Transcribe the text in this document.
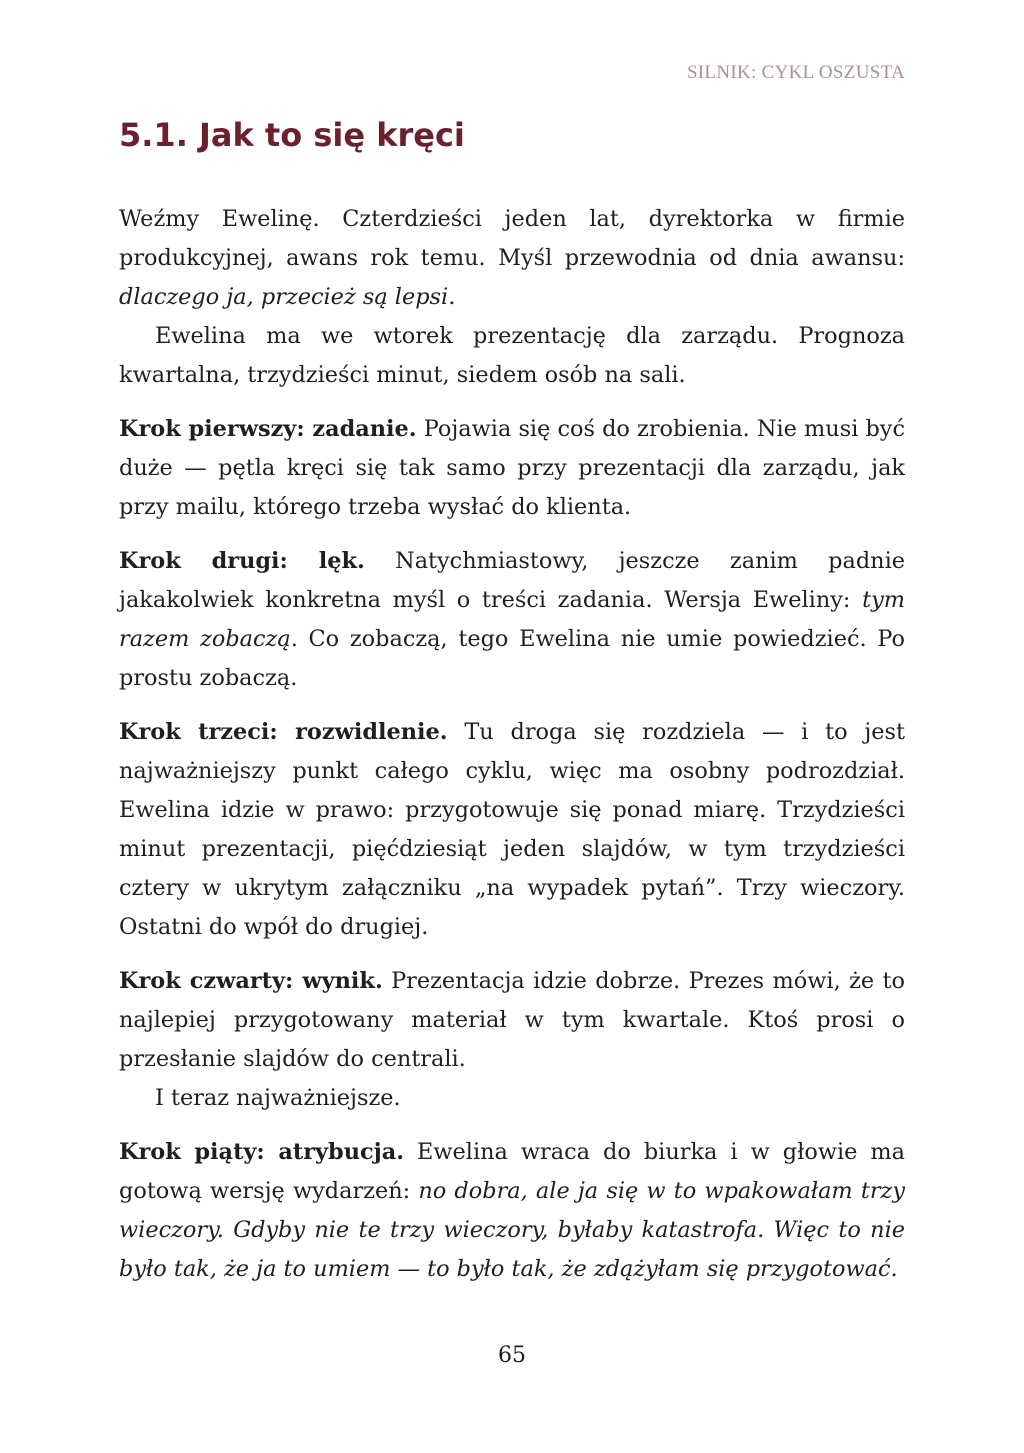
SILNIK: CYKL OSZUSTA
5.1. Jak to się kręci

Weźmy Ewelinę. Czterdzieści jeden lat, dyrektorka w firmie produkcyjnej, awans rok temu. Myśl przewodnia od dnia awansu: dlaczego ja, przecież są lepsi.

Ewelina ma we wtorek prezentację dla zarządu. Prognoza kwartalna, trzydzieści minut, siedem osób na sali.

Krok pierwszy: zadanie. Pojawia się coś do zrobienia. Nie musi być duże — pętla kręci się tak samo przy prezentacji dla zarządu, jak przy mailu, którego trzeba wysłać do klienta.

Krok drugi: lęk. Natychmiastowy, jeszcze zanim padnie jakakolwiek konkretna myśl o treści zadania. Wersja Eweliny: tym razem zobaczą. Co zobaczą, tego Ewelina nie umie powiedzieć. Po prostu zobaczą.

Krok trzeci: rozwidlenie. Tu droga się rozdziela — i to jest najważniejszy punkt całego cyklu, więc ma osobny podrozdział. Ewelina idzie w prawo: przygotowuje się ponad miarę. Trzydzieści minut prezentacji, pięćdziesiąt jeden slajdów, w tym trzydzieści cztery w ukrytym załączniku „na wypadek pytań”. Trzy wieczory. Ostatni do wpół do drugiej.

Krok czwarty: wynik. Prezentacja idzie dobrze. Prezes mówi, że to najlepiej przygotowany materiał w tym kwartale. Ktoś prosi o przesłanie slajdów do centrali.

I teraz najważniejsze.

Krok piąty: atrybucja. Ewelina wraca do biurka i w głowie ma gotową wersję wydarzeń: no dobra, ale ja się w to wpakowałam trzy wieczory. Gdyby nie te trzy wieczory, byłaby katastrofa. Więc to nie było tak, że ja to umiem — to było tak, że zdążyłam się przygotować.

65
